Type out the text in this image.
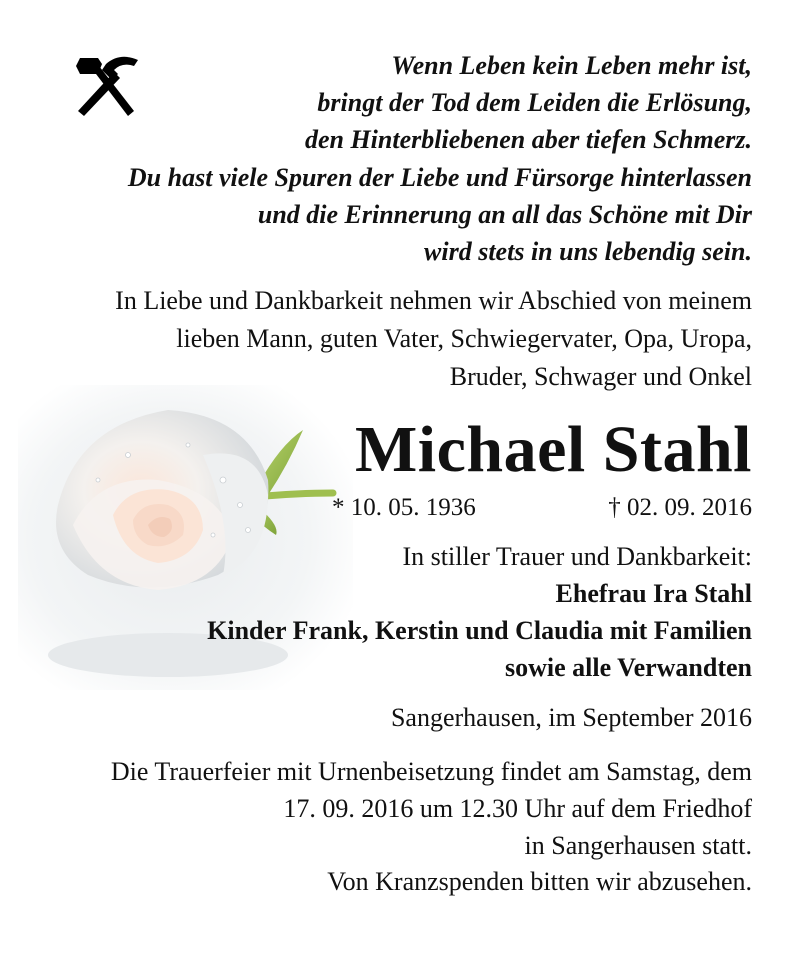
Wenn Leben kein Leben mehr ist,
bringt der Tod dem Leiden die Erlösung,
den Hinterbliebenen aber tiefen Schmerz.
Du hast viele Spuren der Liebe und Fürsorge hinterlassen
und die Erinnerung an all das Schöne mit Dir
wird stets in uns lebendig sein.
In Liebe und Dankbarkeit nehmen wir Abschied von meinem
lieben Mann, guten Vater, Schwiegervater, Opa, Uropa,
Bruder, Schwager und Onkel
Michael Stahl
* 10. 05. 1936	† 02. 09. 2016
In stiller Trauer und Dankbarkeit:
Ehefrau Ira Stahl
Kinder Frank, Kerstin und Claudia mit Familien
sowie alle Verwandten
Sangerhausen, im September 2016
Die Trauerfeier mit Urnenbeisetzung findet am Samstag, dem
17. 09. 2016 um 12.30 Uhr auf dem Friedhof
in Sangerhausen statt.
Von Kranzspenden bitten wir abzusehen.
